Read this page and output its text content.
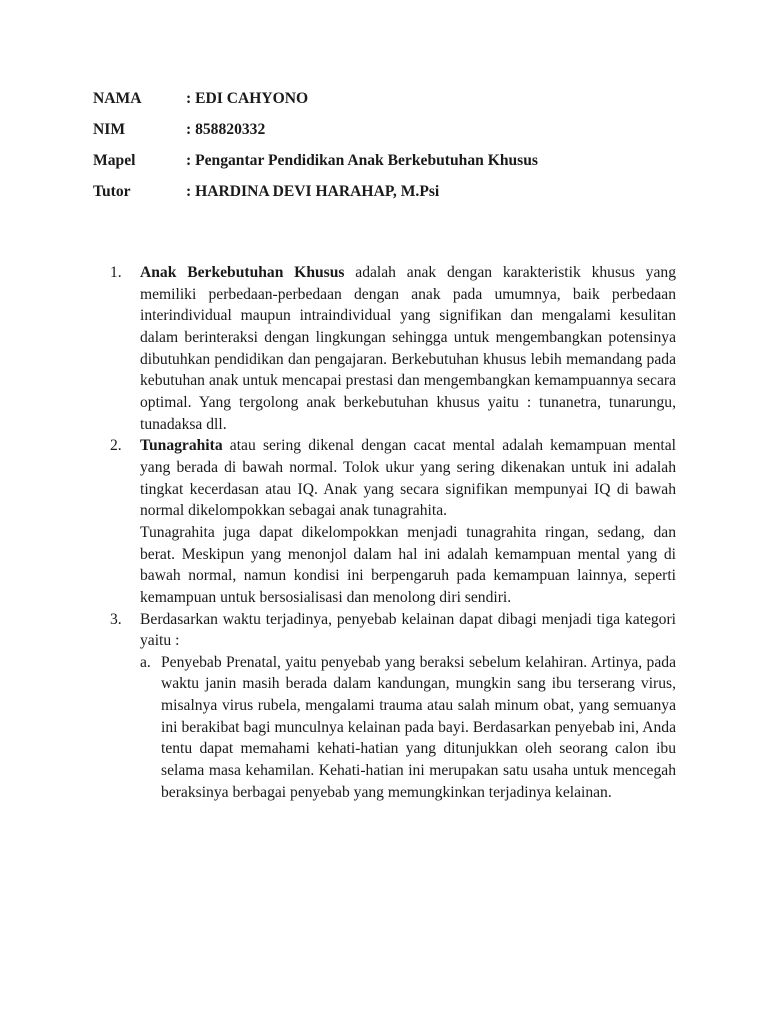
NAMA	: EDI CAHYONO
NIM	: 858820332
Mapel	: Pengantar Pendidikan Anak Berkebutuhan Khusus
Tutor	: HARDINA DEVI HARAHAP, M.Psi
1.	Anak Berkebutuhan Khusus adalah anak dengan karakteristik khusus yang memiliki perbedaan-perbedaan dengan anak pada umumnya, baik perbedaan interindividual maupun intraindividual yang signifikan dan mengalami kesulitan dalam berinteraksi dengan lingkungan sehingga untuk mengembangkan potensinya dibutuhkan pendidikan dan pengajaran. Berkebutuhan khusus lebih memandang pada kebutuhan anak untuk mencapai prestasi dan mengembangkan kemampuannya secara optimal. Yang tergolong anak berkebutuhan khusus yaitu : tunanetra, tunarungu, tunadaksa dll.

2.	Tunagrahita atau sering dikenal dengan cacat mental adalah kemampuan mental yang berada di bawah normal. Tolok ukur yang sering dikenakan untuk ini adalah tingkat kecerdasan atau IQ. Anak yang secara signifikan mempunyai IQ di bawah normal dikelompokkan sebagai anak tunagrahita.

Tunagrahita juga dapat dikelompokkan menjadi tunagrahita ringan, sedang, dan berat. Meskipun yang menonjol dalam hal ini adalah kemampuan mental yang di bawah normal, namun kondisi ini berpengaruh pada kemampuan lainnya, seperti kemampuan untuk bersosialisasi dan menolong diri sendiri.

3.	Berdasarkan waktu terjadinya, penyebab kelainan dapat dibagi menjadi tiga kategori yaitu :

a. Penyebab Prenatal, yaitu penyebab yang beraksi sebelum kelahiran. Artinya, pada waktu janin masih berada dalam kandungan, mungkin sang ibu terserang virus, misalnya virus rubela, mengalami trauma atau salah minum obat, yang semuanya ini berakibat bagi munculnya kelainan pada bayi. Berdasarkan penyebab ini, Anda tentu dapat memahami kehati-hatian yang ditunjukkan oleh seorang calon ibu selama masa kehamilan. Kehati-hatian ini merupakan satu usaha untuk mencegah beraksinya berbagai penyebab yang memungkinkan terjadinya kelainan.
